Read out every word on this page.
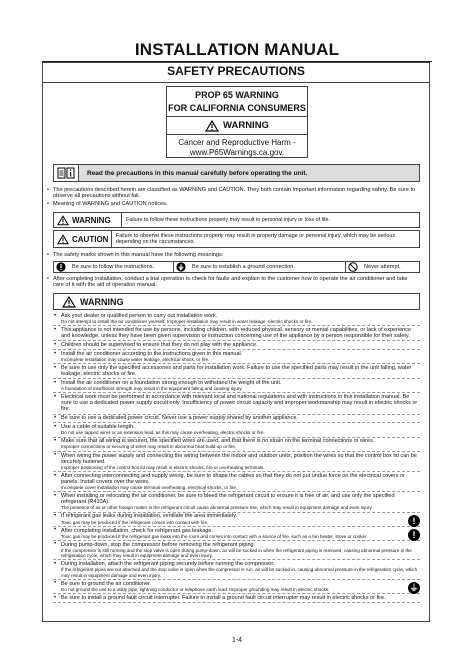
INSTALLATION MANUAL
SAFETY PRECAUTIONS
PROP 65 WARNING
FOR CALIFORNIA CONSUMERS
WARNING
Cancer and Reproductive Harm -
www.P65Warnings.ca.gov.
Read the precautions in this manual carefully before operating the unit.
• The precautions described herein are classified as WARNING and CAUTION. They both contain important information regarding safety. Be sure to observe all precautions without fail.
• Meaning of WARNING and CAUTION notices.
WARNING	Failure to follow these instructions properly may result in personal injury or loss of life.
CAUTION	Failure to observe these instructions properly may result in property damage or personal injury, which may be serious depending on the circumstances.
• The safety marks shown in this manual have the following meanings:
Be sure to follow the instructions.	Be sure to establish a ground connection.	Never attempt.
• After completing installation, conduct a trial operation to check for faults and explain to the customer how to operate the air conditioner and take care of it with the aid of operation manual.
WARNING
• Ask your dealer or qualified person to carry out installation work.
Do not attempt to install the air conditioner yourself. Improper installation may result in water leakage, electric shocks or fire.
• This appliance is not intended for use by persons, including children, with reduced physical, sensory or mental capabilities, or lack of experience and knowledge, unless they have been given supervision or instruction concerning use of the appliance by a person responsible for their safety.
• Children should be supervised to ensure that they do not play with the appliance.
• Install the air conditioner according to the instructions given in this manual.
Incomplete installation may cause water leakage, electrical shock, or fire.
• Be sure to use only the specified accessories and parts for installation work. Failure to use the specified parts may result in the unit falling, water leakage, electric shocks or fire.
• Install the air conditioner on a foundation strong enough to withstand the weight of the unit.
A foundation of insufficient strength may result in the equipment falling and causing injury.
• Electrical work must be performed in accordance with relevant local and national regulations and with instructions in this installation manual. Be sure to use a dedicated power supply circuit only. Insufficiency of power circuit capacity and improper workmanship may result in electric shocks or fire.
• Be sure to use a dedicated power circuit. Never use a power supply shared by another appliance.
• Use a cable of suitable length.
Do not use tapped wires or an extension lead, as this may cause overheating, electric shocks or fire.
• Make sure that all wiring is secured, the specified wires are used, and that there is no strain on the terminal connections or wires.
Improper connections or securing of wires may result in abnormal heat build-up or fire.
• When wiring the power supply and connecting the wiring between the indoor and outdoor units, position the wires so that the control box lid can be securely fastened.
Improper positioning of the control box lid may result in electric shocks, fire or overheating terminals.
• After connecting interconnecting and supply wiring, be sure to shape the cables so that they do not put undue force on the electrical covers or panels. Install covers over the wires.
Incomplete cover installation may cause terminal overheating, electrical shocks, or fire.
• When installing or relocating the air conditioner, be sure to bleed the refrigerant circuit to ensure it is free of air, and use only the specified refrigerant (R410A).
The presence of air or other foreign matter in the refrigerant circuit cause abnormal pressure rise, which may result in equipment damage and even injury.
• If refrigerant gas leaks during installation, ventilate the area immediately.
Toxic gas may be produced if the refrigerant comes into contact with fire.	!
• After completing installation, check for refrigerant gas leakage.
Toxic gas may be produced if the refrigerant gas leaks into the room and comes into contact with a source of fire, such as a fan heater, stove or cooker.	!
• During pump-down, stop the compressor before removing the refrigerant piping.
If the compressor is still running and the stop valve is open during pump-down, air will be sucked in when the refrigerant piping is removed, causing abnormal pressure in the refrigeration cycle, which may result in equipment damage and even injury.
• During installation, attach the refrigerant piping securely before running the compressor.
If the refrigerant pipes are not attached and the stop valve is open when the compressor is run, air will be sucked in, causing abnormal pressure in the refrigeration cycle, which may result in equipment damage and even injury.
• Be sure to ground the air conditioner.
Do not ground the unit to a utility pipe, lightning conductor or telephone earth lead. Improper grounding may result in electric shocks.	⏚
• Be sure to install a ground fault circuit interrupter. Failure to install a ground fault circuit interrupter may result in electric shocks or fire.
1-4
